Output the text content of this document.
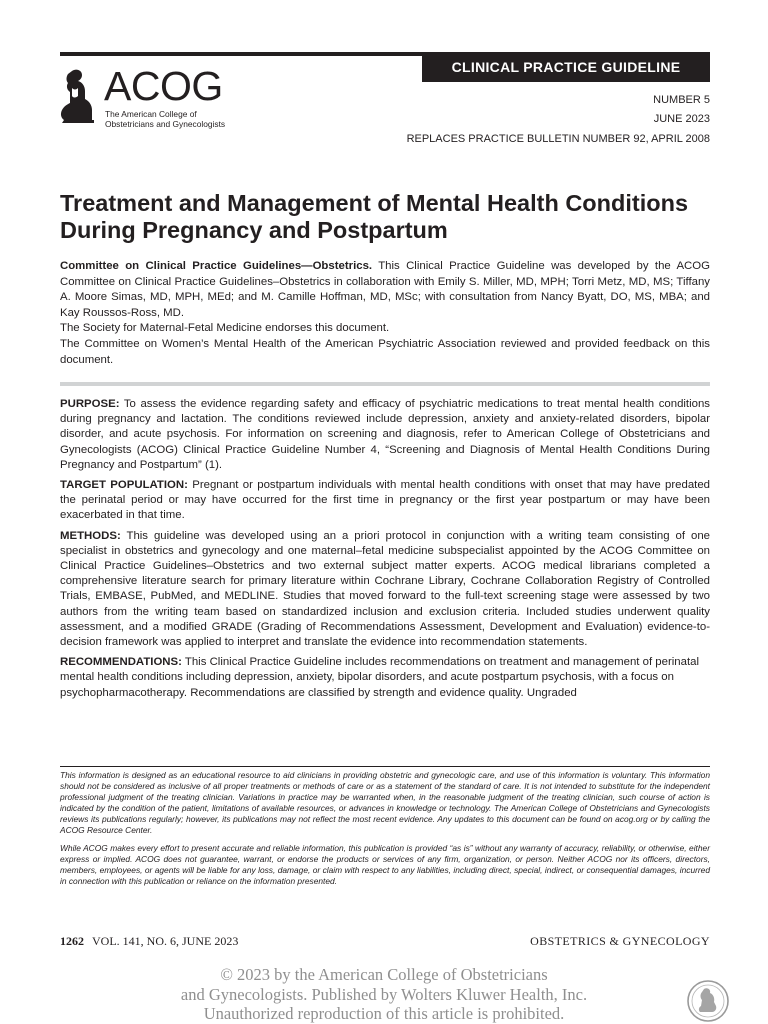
CLINICAL PRACTICE GUIDELINE
ACOG
The American College of
Obstetricians and Gynecologists
NUMBER 5
JUNE 2023
REPLACES PRACTICE BULLETIN NUMBER 92, APRIL 2008
Treatment and Management of Mental Health Conditions
During Pregnancy and Postpartum

Committee on Clinical Practice Guidelines—Obstetrics. This Clinical Practice Guideline was developed by the ACOG Committee on Clinical Practice Guidelines–Obstetrics in collaboration with Emily S. Miller, MD, MPH; Torri Metz, MD, MS; Tiffany A. Moore Simas, MD, MPH, MEd; and M. Camille Hoffman, MD, MSc; with consultation from Nancy Byatt, DO, MS, MBA; and Kay Roussos-Ross, MD.

The Society for Maternal-Fetal Medicine endorses this document.

The Committee on Women’s Mental Health of the American Psychiatric Association reviewed and provided feedback on this document.

PURPOSE: To assess the evidence regarding safety and efficacy of psychiatric medications to treat mental health conditions during pregnancy and lactation. The conditions reviewed include depression, anxiety and anxiety-related disorders, bipolar disorder, and acute psychosis. For information on screening and diagnosis, refer to American College of Obstetricians and Gynecologists (ACOG) Clinical Practice Guideline Number 4, “Screening and Diagnosis of Mental Health Conditions During Pregnancy and Postpartum” (1).

TARGET POPULATION: Pregnant or postpartum individuals with mental health conditions with onset that may have predated the perinatal period or may have occurred for the first time in pregnancy or the first year postpartum or may have been exacerbated in that time.

METHODS: This guideline was developed using an a priori protocol in conjunction with a writing team consisting of one specialist in obstetrics and gynecology and one maternal–fetal medicine subspecialist appointed by the ACOG Committee on Clinical Practice Guidelines–Obstetrics and two external subject matter experts. ACOG medical librarians completed a comprehensive literature search for primary literature within Cochrane Library, Cochrane Collaboration Registry of Controlled Trials, EMBASE, PubMed, and MEDLINE. Studies that moved forward to the full-text screening stage were assessed by two authors from the writing team based on standardized inclusion and exclusion criteria. Included studies underwent quality assessment, and a modified GRADE (Grading of Recommendations Assessment, Development and Evaluation) evidence-to-decision framework was applied to interpret and translate the evidence into recommendation statements.

RECOMMENDATIONS: This Clinical Practice Guideline includes recommendations on treatment and management of perinatal mental health conditions including depression, anxiety, bipolar disorders, and acute postpartum psychosis, with a focus on psychopharmacotherapy. Recommendations are classified by strength and evidence quality. Ungraded

This information is designed as an educational resource to aid clinicians in providing obstetric and gynecologic care, and use of this information is voluntary. This information should not be considered as inclusive of all proper treatments or methods of care or as a statement of the standard of care. It is not intended to substitute for the independent professional judgment of the treating clinician. Variations in practice may be warranted when, in the reasonable judgment of the treating clinician, such course of action is indicated by the condition of the patient, limitations of available resources, or advances in knowledge or technology. The American College of Obstetricians and Gynecologists reviews its publications regularly; however, its publications may not reflect the most recent evidence. Any updates to this document can be found on acog.org or by calling the ACOG Resource Center.

While ACOG makes every effort to present accurate and reliable information, this publication is provided “as is” without any warranty of accuracy, reliability, or otherwise, either express or implied. ACOG does not guarantee, warrant, or endorse the products or services of any firm, organization, or person. Neither ACOG nor its officers, directors, members, employees, or agents will be liable for any loss, damage, or claim with respect to any liabilities, including direct, special, indirect, or consequential damages, incurred in connection with this publication or reliance on the information presented.

1262 VOL. 141, NO. 6, JUNE 2023	OBSTETRICS & GYNECOLOGY
© 2023 by the American College of Obstetricians
and Gynecologists. Published by Wolters Kluwer Health, Inc.
Unauthorized reproduction of this article is prohibited.
